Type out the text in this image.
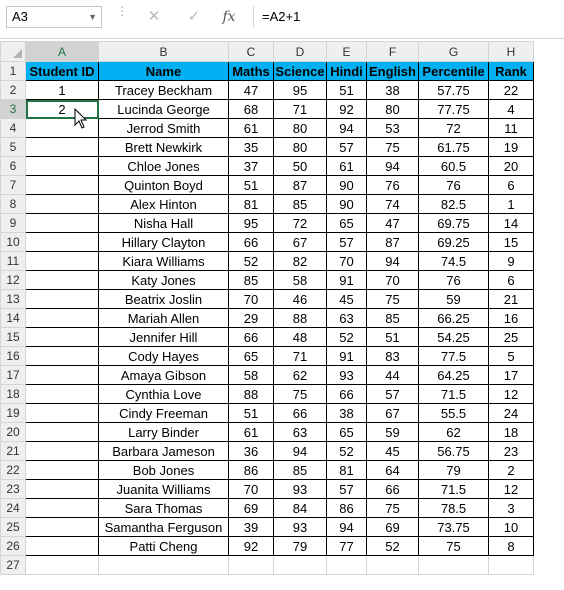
A3	▼ ⋮	✕	✓	fx	=A2+1
	A	B	C	D	E	F	G	H
1	Student ID	Name	Maths	Science	Hindi	English	Percentile	Rank
2	1	Tracey Beckham	47	95	51	38	57.75	22
3	2	Lucinda George	68	71	92	80	77.75	4
4		Jerrod Smith	61	80	94	53	72	11
5		Brett Newkirk	35	80	57	75	61.75	19
6		Chloe Jones	37	50	61	94	60.5	20
7		Quinton Boyd	51	87	90	76	76	6
8		Alex Hinton	81	85	90	74	82.5	1
9		Nisha Hall	95	72	65	47	69.75	14
10		Hillary Clayton	66	67	57	87	69.25	15
11		Kiara Williams	52	82	70	94	74.5	9
12		Katy Jones	85	58	91	70	76	6
13		Beatrix Joslin	70	46	45	75	59	21
14		Mariah Allen	29	88	63	85	66.25	16
15		Jennifer Hill	66	48	52	51	54.25	25
16		Cody Hayes	65	71	91	83	77.5	5
17		Amaya Gibson	58	62	93	44	64.25	17
18		Cynthia Love	88	75	66	57	71.5	12
19		Cindy Freeman	51	66	38	67	55.5	24
20		Larry Binder	61	63	65	59	62	18
21		Barbara Jameson	36	94	52	45	56.75	23
22		Bob Jones	86	85	81	64	79	2
23		Juanita Williams	70	93	57	66	71.5	12
24		Sara Thomas	69	84	86	75	78.5	3
25		Samantha Ferguson	39	93	94	69	73.75	10
26		Patti Cheng	92	79	77	52	75	8
27								
